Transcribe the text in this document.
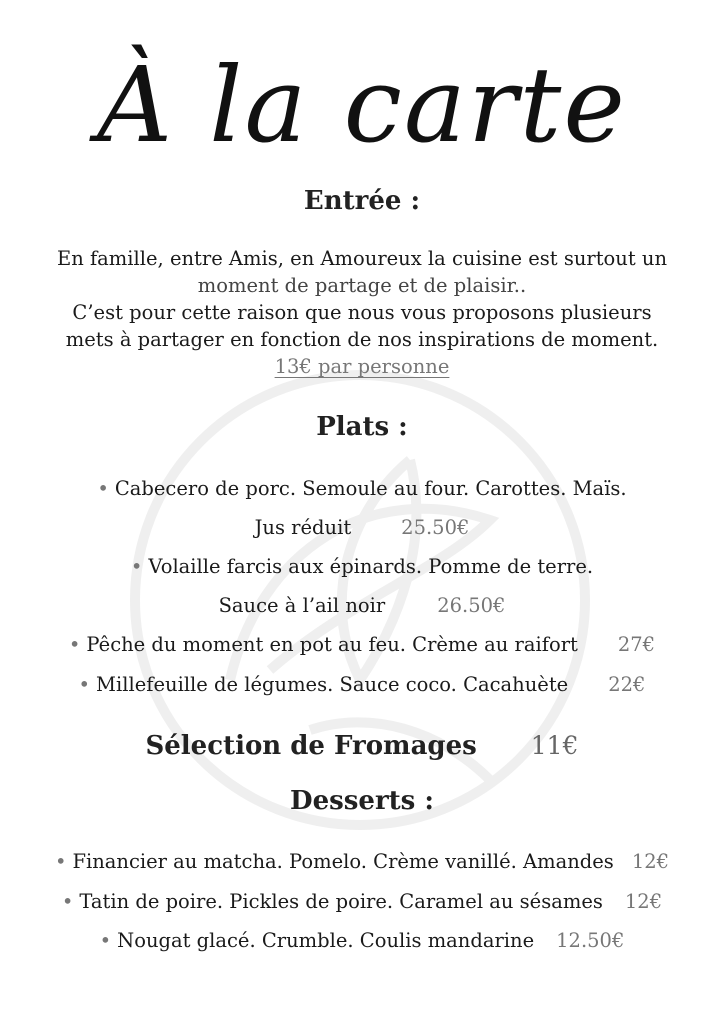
À la carte
Entrée :
En famille, entre Amis, en Amoureux la cuisine est surtout un
moment de partage et de plaisir..
C’est pour cette raison que nous vous proposons plusieurs
mets à partager en fonction de nos inspirations de moment.
13€ par personne
Plats :
• Cabecero de porc. Semoule au four. Carottes. Maïs.
Jus réduit	25.50€
• Volaille farcis aux épinards. Pomme de terre.
Sauce à l’ail noir	26.50€
• Pêche du moment en pot au feu. Crème au raifort 27€
• Millefeuille de légumes. Sauce coco. Cacahuète 22€
Sélection de Fromages 11€
Desserts :
• Financier au matcha. Pomelo. Crème vanillé. Amandes 12€
• Tatin de poire. Pickles de poire. Caramel au sésames 12€
• Nougat glacé. Crumble. Coulis mandarine 12.50€
